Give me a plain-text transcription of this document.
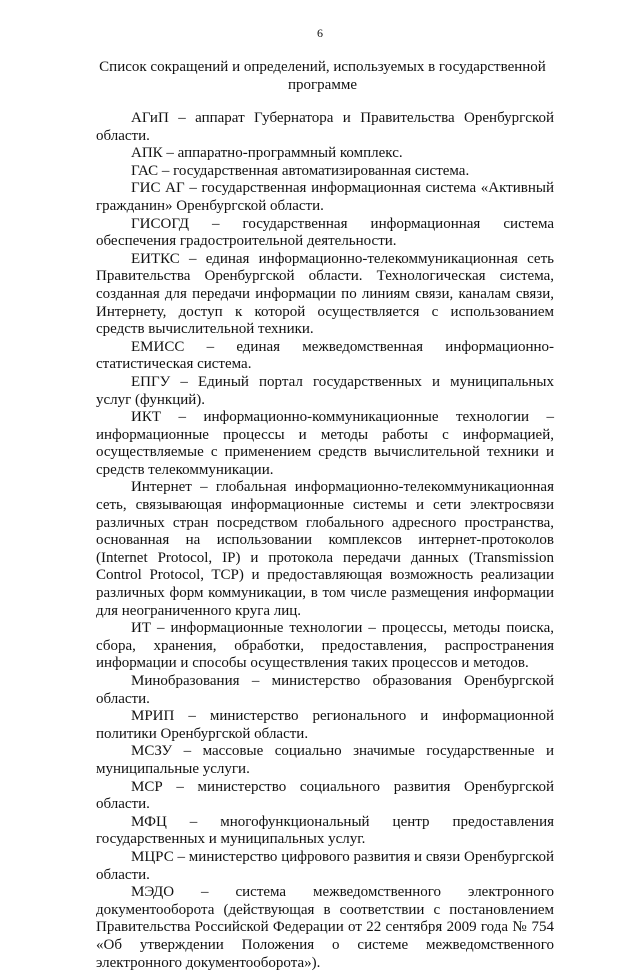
6
Список сокращений и определений, используемых в государственной программе

АГиП – аппарат Губернатора и Правительства Оренбургской области.

АПК – аппаратно-программный комплекс.

ГАС – государственная автоматизированная система.

ГИС АГ – государственная информационная система «Активный гражданин» Оренбургской области.

ГИСОГД – государственная информационная система обеспечения градостроительной деятельности.

ЕИТКС – единая информационно-телекоммуникационная сеть Правительства Оренбургской области. Технологическая система, созданная для передачи информации по линиям связи, каналам связи, Интернету, доступ к которой осуществляется с использованием средств вычислительной техники.

ЕМИСС – единая межведомственная информационно-статистическая система.

ЕПГУ – Единый портал государственных и муниципальных услуг (функций).

ИКТ – информационно-коммуникационные технологии – информационные процессы и методы работы с информацией, осуществляемые с применением средств вычислительной техники и средств телекоммуникации.

Интернет – глобальная информационно-телекоммуникационная сеть, связывающая информационные системы и сети электросвязи различных стран посредством глобального адресного пространства, основанная на использовании комплексов интернет-протоколов (Internet Protocol, IP) и протокола передачи данных (Transmission Control Protocol, TCP) и предоставляющая возможность реализации различных форм коммуникации, в том числе размещения информации для неограниченного круга лиц.

ИТ – информационные технологии – процессы, методы поиска, сбора, хранения, обработки, предоставления, распространения информации и способы осуществления таких процессов и методов.

Минобразования – министерство образования Оренбургской области.

МРИП – министерство регионального и информационной политики Оренбургской области.

МСЗУ – массовые социально значимые государственные и муниципальные услуги.

МСР – министерство социального развития Оренбургской области.

МФЦ – многофункциональный центр предоставления государственных и муниципальных услуг.

МЦРС – министерство цифрового развития и связи Оренбургской области.

МЭДО – система межведомственного электронного документооборота (действующая в соответствии с постановлением Правительства Российской Федерации от 22 сентября 2009 года № 754 «Об утверждении Положения о системе межведомственного электронного документооборота»).
